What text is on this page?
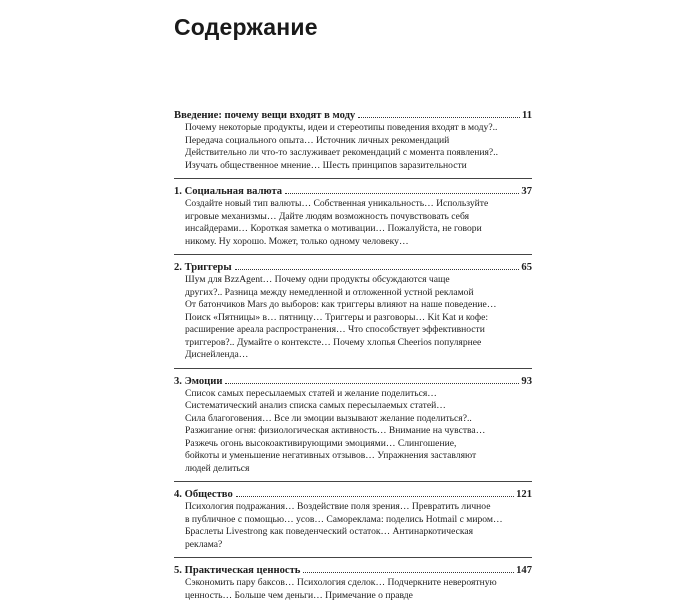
Содержание
Введение: почему вещи входят в моду	11
Почему некоторые продукты, идеи и стереотипы поведения входят в моду?..
Передача социального опыта… Источник личных рекомендаций
Действительно ли что-то заслуживает рекомендаций с момента появления?..
Изучать общественное мнение… Шесть принципов заразительности
1. Социальная валюта	37
Создайте новый тип валюты… Собственная уникальность… Используйте
игровые механизмы… Дайте людям возможность почувствовать себя
инсайдерами… Короткая заметка о мотивации… Пожалуйста, не говори
никому. Ну хорошо. Может, только одному человеку…
2. Триггеры	65
Шум для BzzAgent… Почему одни продукты обсуждаются чаще
других?.. Разница между немедленной и отложенной устной рекламой
От батончиков Mars до выборов: как триггеры влияют на наше поведение…
Поиск «Пятницы» в… пятницу… Триггеры и разговоры… Kit Kat и кофе:
расширение ареала распространения… Что способствует эффективности
триггеров?.. Думайте о контексте… Почему хлопья Cheerios популярнее
Диснейленда…
3. Эмоции	93
Список самых пересылаемых статей и желание поделиться…
Систематический анализ списка самых пересылаемых статей…
Сила благоговения… Все ли эмоции вызывают желание поделиться?..
Разжигание огня: физиологическая активность… Внимание на чувства…
Разжечь огонь высокоактивирующими эмоциями… Слингошение,
бойкоты и уменьшение негативных отзывов… Упражнения заставляют
людей делиться
4. Общество	121
Психология подражания… Воздействие поля зрения… Превратить личное
в публичное с помощью… усов… Самореклама: поделись Hotmail с миром…
Браслеты Livestrong как поведенческий остаток… Антинаркотическая
реклама?
5. Практическая ценность	147
Сэкономить пару баксов… Психология сделок… Подчеркните невероятную
ценность… Больше чем деньги… Примечание о правде
